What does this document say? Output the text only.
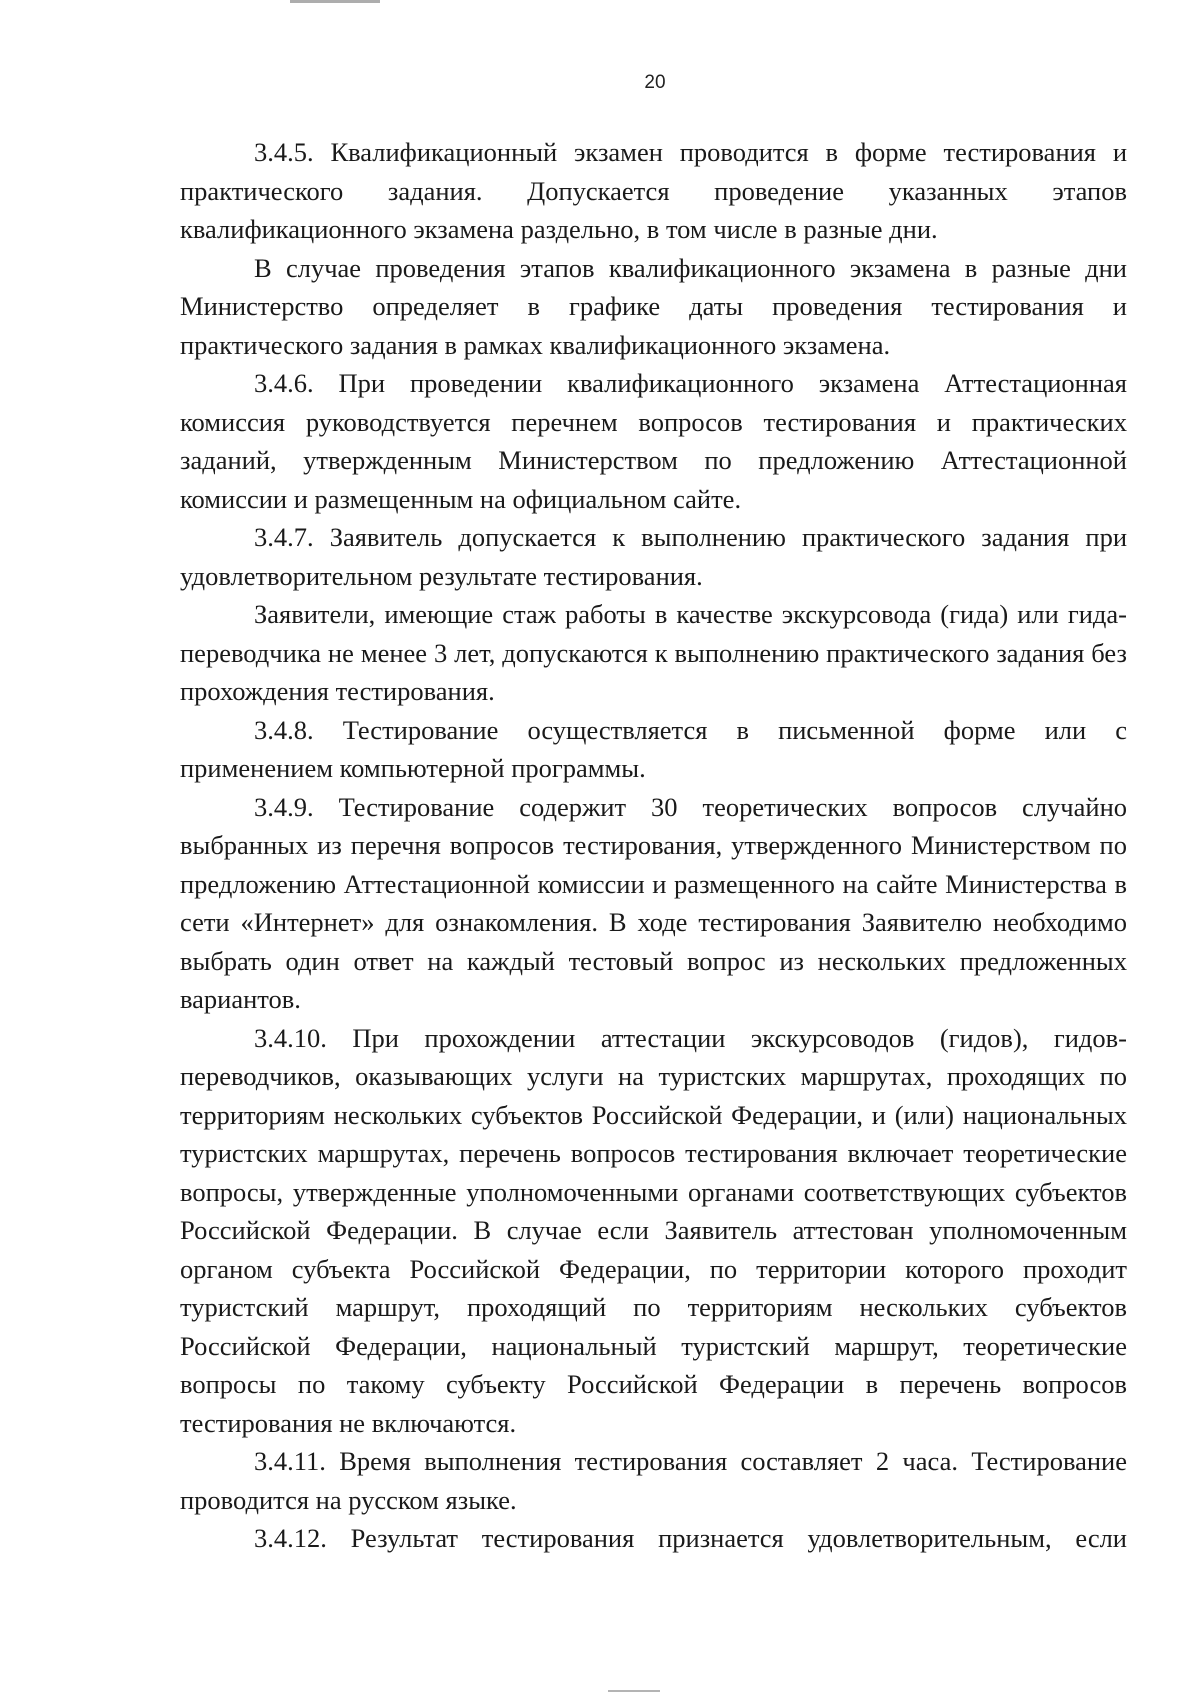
20

3.4.5. Квалификационный экзамен проводится в форме тестирования и практического задания. Допускается проведение указанных этапов квалификационного экзамена раздельно, в том числе в разные дни.

В случае проведения этапов квалификационного экзамена в разные дни Министерство определяет в графике даты проведения тестирования и практического задания в рамках квалификационного экзамена.

3.4.6. При проведении квалификационного экзамена Аттестационная комиссия руководствуется перечнем вопросов тестирования и практических заданий, утвержденным Министерством по предложению Аттестационной комиссии и размещенным на официальном сайте.

3.4.7. Заявитель допускается к выполнению практического задания при удовлетворительном результате тестирования.

Заявители, имеющие стаж работы в качестве экскурсовода (гида) или гида-переводчика не менее 3 лет, допускаются к выполнению практического задания без прохождения тестирования.

3.4.8. Тестирование осуществляется в письменной форме или с применением компьютерной программы.

3.4.9. Тестирование содержит 30 теоретических вопросов случайно выбранных из перечня вопросов тестирования, утвержденного Министерством по предложению Аттестационной комиссии и размещенного на сайте Министерства в сети «Интернет» для ознакомления. В ходе тестирования Заявителю необходимо выбрать один ответ на каждый тестовый вопрос из нескольких предложенных вариантов.

3.4.10. При прохождении аттестации экскурсоводов (гидов), гидов-переводчиков, оказывающих услуги на туристских маршрутах, проходящих по территориям нескольких субъектов Российской Федерации, и (или) национальных туристских маршрутах, перечень вопросов тестирования включает теоретические вопросы, утвержденные уполномоченными органами соответствующих субъектов Российской Федерации. В случае если Заявитель аттестован уполномоченным органом субъекта Российской Федерации, по территории которого проходит туристский маршрут, проходящий по территориям нескольких субъектов Российской Федерации, национальный туристский маршрут, теоретические вопросы по такому субъекту Российской Федерации в перечень вопросов тестирования не включаются.

3.4.11. Время выполнения тестирования составляет 2 часа. Тестирование проводится на русском языке.

3.4.12. Результат тестирования признается удовлетворительным, если
